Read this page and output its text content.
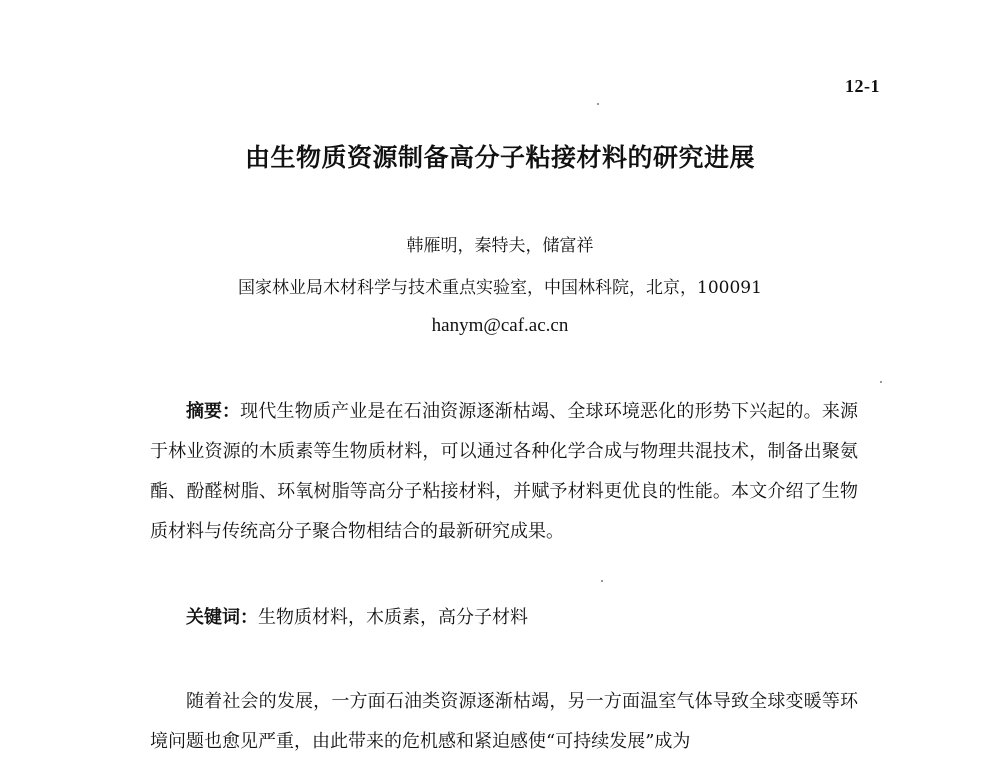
12-1
由生物质资源制备高分子粘接材料的研究进展
韩雁明，秦特夫，储富祥
国家林业局木材科学与技术重点实验室，中国林科院，北京，100091
hanym@caf.ac.cn

摘要：现代生物质产业是在石油资源逐渐枯竭、全球环境恶化的形势下兴起的。来源于林业资源的木质素等生物质材料，可以通过各种化学合成与物理共混技术，制备出聚氨酯、酚醛树脂、环氧树脂等高分子粘接材料，并赋予材料更优良的性能。本文介绍了生物质材料与传统高分子聚合物相结合的最新研究成果。

关键词：生物质材料，木质素，高分子材料

随着社会的发展，一方面石油类资源逐渐枯竭，另一方面温室气体导致全球变暖等环境问题也愈见严重，由此带来的危机感和紧迫感使“可持续发展”成为
